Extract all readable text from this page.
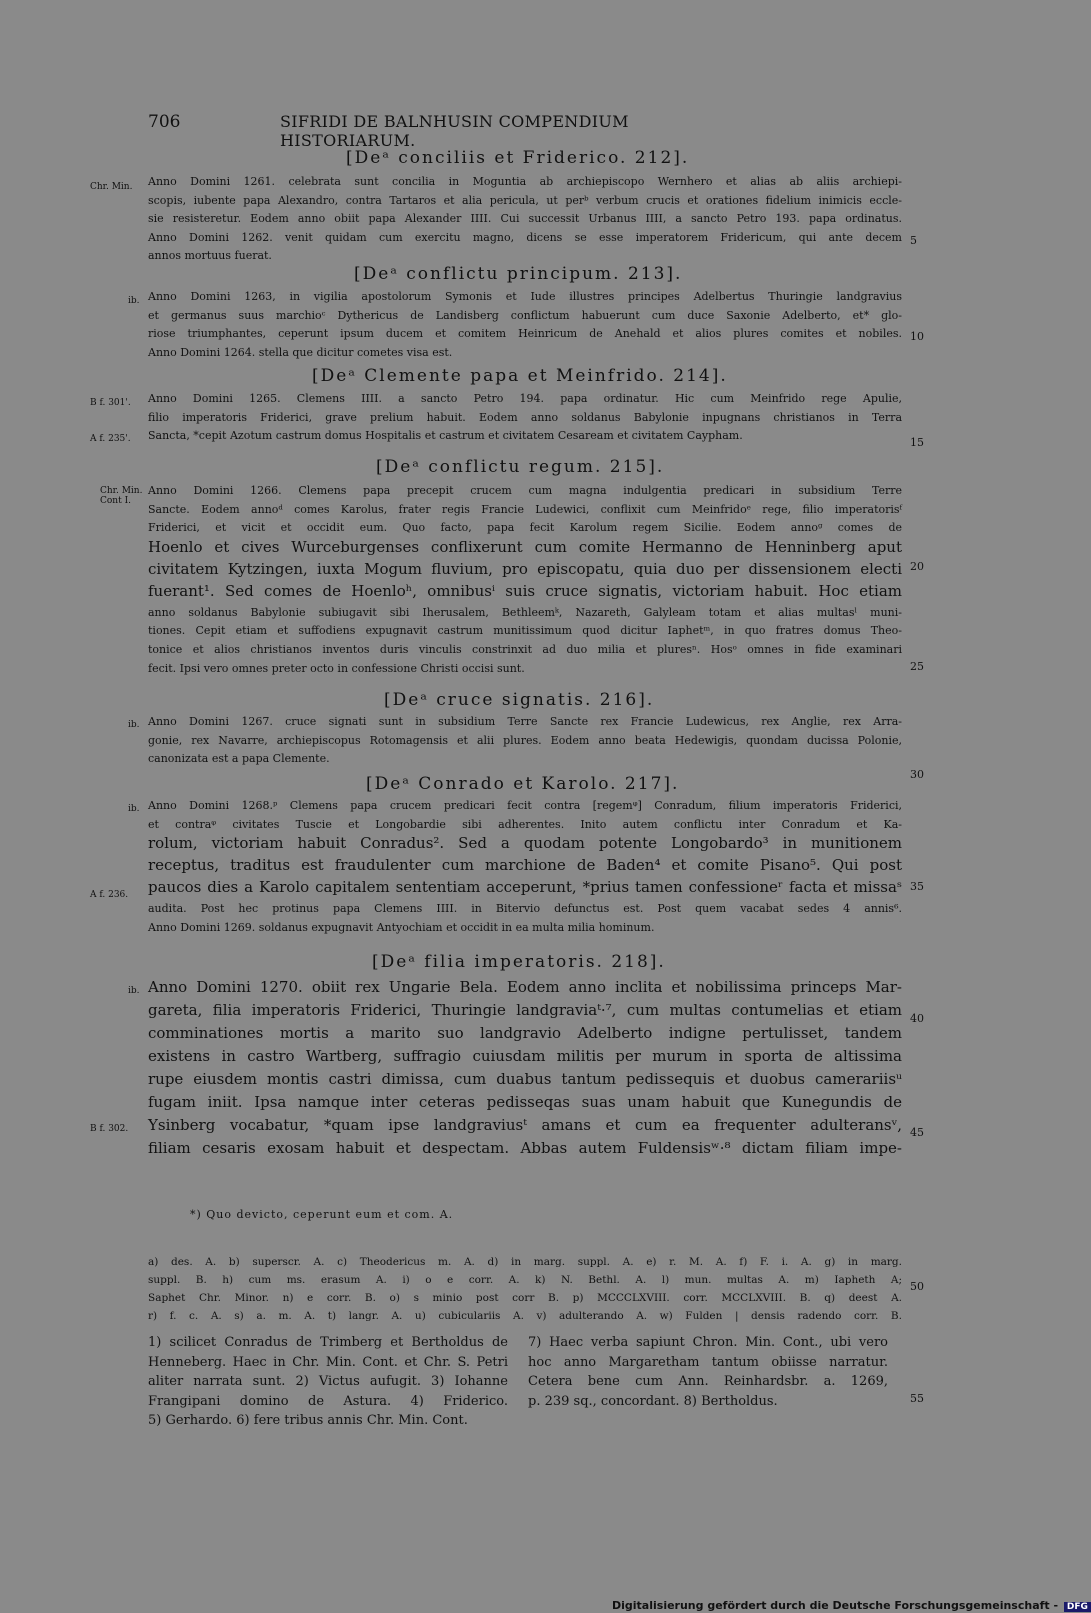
706	SIFRIDI DE BALNHUSIN COMPENDIUM HISTORIARUM.
[Deᵃ conciliis et Friderico. 212].
Anno Domini 1261. celebrata sunt concilia in Moguntia ab archiepiscopo Wernhero et alias ab aliis archiepi-
scopis, iubente papa Alexandro, contra Tartaros et alia pericula, ut perᵇ verbum crucis et orationes fidelium inimicis eccle-
sie resisteretur. Eodem anno obiit papa Alexander IIII. Cui successit Urbanus IIII, a sancto Petro 193. papa ordinatus.
Anno Domini 1262. venit quidam cum exercitu magno, dicens se esse imperatorem Fridericum, qui ante decem
annos mortuus fuerat.
[Deᵃ conflictu principum. 213].
Anno Domini 1263, in vigilia apostolorum Symonis et Iude illustres principes Adelbertus Thuringie landgravius
et germanus suus marchioᶜ Dythericus de Landisberg conflictum habuerunt cum duce Saxonie Adelberto, et* glo-
riose triumphantes, ceperunt ipsum ducem et comitem Heinricum de Anehald et alios plures comites et nobiles.
Anno Domini 1264. stella que dicitur cometes visa est.
[Deᵃ Clemente papa et Meinfrido. 214].
Anno Domini 1265. Clemens IIII. a sancto Petro 194. papa ordinatur. Hic cum Meinfrido rege Apulie,
filio imperatoris Friderici, grave prelium habuit. Eodem anno soldanus Babylonie inpugnans christianos in Terra
Sancta, *cepit Azotum castrum domus Hospitalis et castrum et civitatem Cesaream et civitatem Caypham.
[Deᵃ conflictu regum. 215].
Anno Domini 1266. Clemens papa precepit crucem cum magna indulgentia predicari in subsidium Terre
Sancte. Eodem annoᵈ comes Karolus, frater regis Francie Ludewici, conflixit cum Meinfridoᵉ rege, filio imperatorisᶠ
Friderici, et vicit et occidit eum. Quo facto, papa fecit Karolum regem Sicilie. Eodem annoᵍ comes de
Hoenlo et cives Wurceburgenses conflixerunt cum comite Hermanno de Henninberg aput
civitatem Kytzingen, iuxta Mogum fluvium, pro episcopatu, quia duo per dissensionem electi
fuerant¹. Sed comes de Hoenloʰ, omnibusⁱ suis cruce signatis, victoriam habuit. Hoc etiam
anno soldanus Babylonie subiugavit sibi Iherusalem, Bethleemᵏ, Nazareth, Galyleam totam et alias multasˡ muni-
tiones. Cepit etiam et suffodiens expugnavit castrum munitissimum quod dicitur Iaphetᵐ, in quo fratres domus Theo-
tonice et alios christianos inventos duris vinculis constrinxit ad duo milia et pluresⁿ. Hosᵒ omnes in fide examinari
fecit. Ipsi vero omnes preter octo in confessione Christi occisi sunt.
[Deᵃ cruce signatis. 216].
Anno Domini 1267. cruce signati sunt in subsidium Terre Sancte rex Francie Ludewicus, rex Anglie, rex Arra-
gonie, rex Navarre, archiepiscopus Rotomagensis et alii plures. Eodem anno beata Hedewigis, quondam ducissa Polonie,
canonizata est a papa Clemente.
[Deᵃ Conrado et Karolo. 217].
Anno Domini 1268.ᵖ Clemens papa crucem predicari fecit contra [regemᵠ] Conradum, filium imperatoris Friderici,
et contraᵠ civitates Tuscie et Longobardie sibi adherentes. Inito autem conflictu inter Conradum et Ka-
rolum, victoriam habuit Conradus². Sed a quodam potente Longobardo³ in munitionem
receptus, traditus est fraudulenter cum marchione de Baden⁴ et comite Pisano⁵. Qui post
paucos dies a Karolo capitalem sententiam acceperunt, *prius tamen confessioneʳ facta et missaˢ
audita. Post hec protinus papa Clemens IIII. in Bitervio defunctus est. Post quem vacabat sedes 4 annis⁶.
Anno Domini 1269. soldanus expugnavit Antyochiam et occidit in ea multa milia hominum.
[Deᵃ filia imperatoris. 218].
Anno Domini 1270. obiit rex Ungarie Bela. Eodem anno inclita et nobilissima princeps Mar-
gareta, filia imperatoris Friderici, Thuringie landgraviaᵗ·⁷, cum multas contumelias et etiam
comminationes mortis a marito suo landgravio Adelberto indigne pertulisset, tandem
existens in castro Wartberg, suffragio cuiusdam militis per murum in sporta de altissima
rupe eiusdem montis castri dimissa, cum duabus tantum pedissequis et duobus camerariisᵘ
fugam iniit. Ipsa namque inter ceteras pedisseqas suas unam habuit que Kunegundis de
Ysinberg vocabatur, *quam ipse landgraviusᵗ amans et cum ea frequenter adulteransᵛ,
filiam cesaris exosam habuit et despectam. Abbas autem Fuldensisʷ·⁸ dictam filiam impe-
Chr. Min.
ib.
B f. 301'.
A f. 235'.
Chr. Min. Cont I.
ib.
ib.
A f. 236.
ib.
B f. 302.
5
10
15
20
25
30
35
40
45
*) Quo devicto, ceperunt eum et com. A.
a) des. A. b) superscr. A. c) Theodericus m. A. d) in marg. suppl. A. e) r. M. A. f) F. i. A. g) in marg.
suppl. B. h) cum ms. erasum A. i) o e corr. A. k) N. Bethl. A. l) mun. multas A. m) Iapheth A;
Saphet Chr. Minor. n) e corr. B. o) s minio post corr B. p) MCCCLXVIII. corr. MCCLXVIII. B. q) deest A.
r) f. c. A. s) a. m. A. t) langr. A. u) cubiculariis A. v) adulterando A. w) Fulden | densis radendo corr. B.
50
1) scilicet Conradus de Trimberg et Bertholdus de
Henneberg. Haec in Chr. Min. Cont. et Chr. S. Petri
aliter narrata sunt. 2) Victus aufugit. 3) Iohanne
Frangipani domino de Astura. 4) Friderico.
5) Gerhardo. 6) fere tribus annis Chr. Min. Cont.
7) Haec verba sapiunt Chron. Min. Cont., ubi vero
hoc anno Margaretham tantum obiisse narratur.
Cetera bene cum Ann. Reinhardsbr. a. 1269,
p. 239 sq., concordant. 8) Bertholdus.	55
Digitalisierung gefördert durch die Deutsche Forschungsgemeinschaft - DFG
